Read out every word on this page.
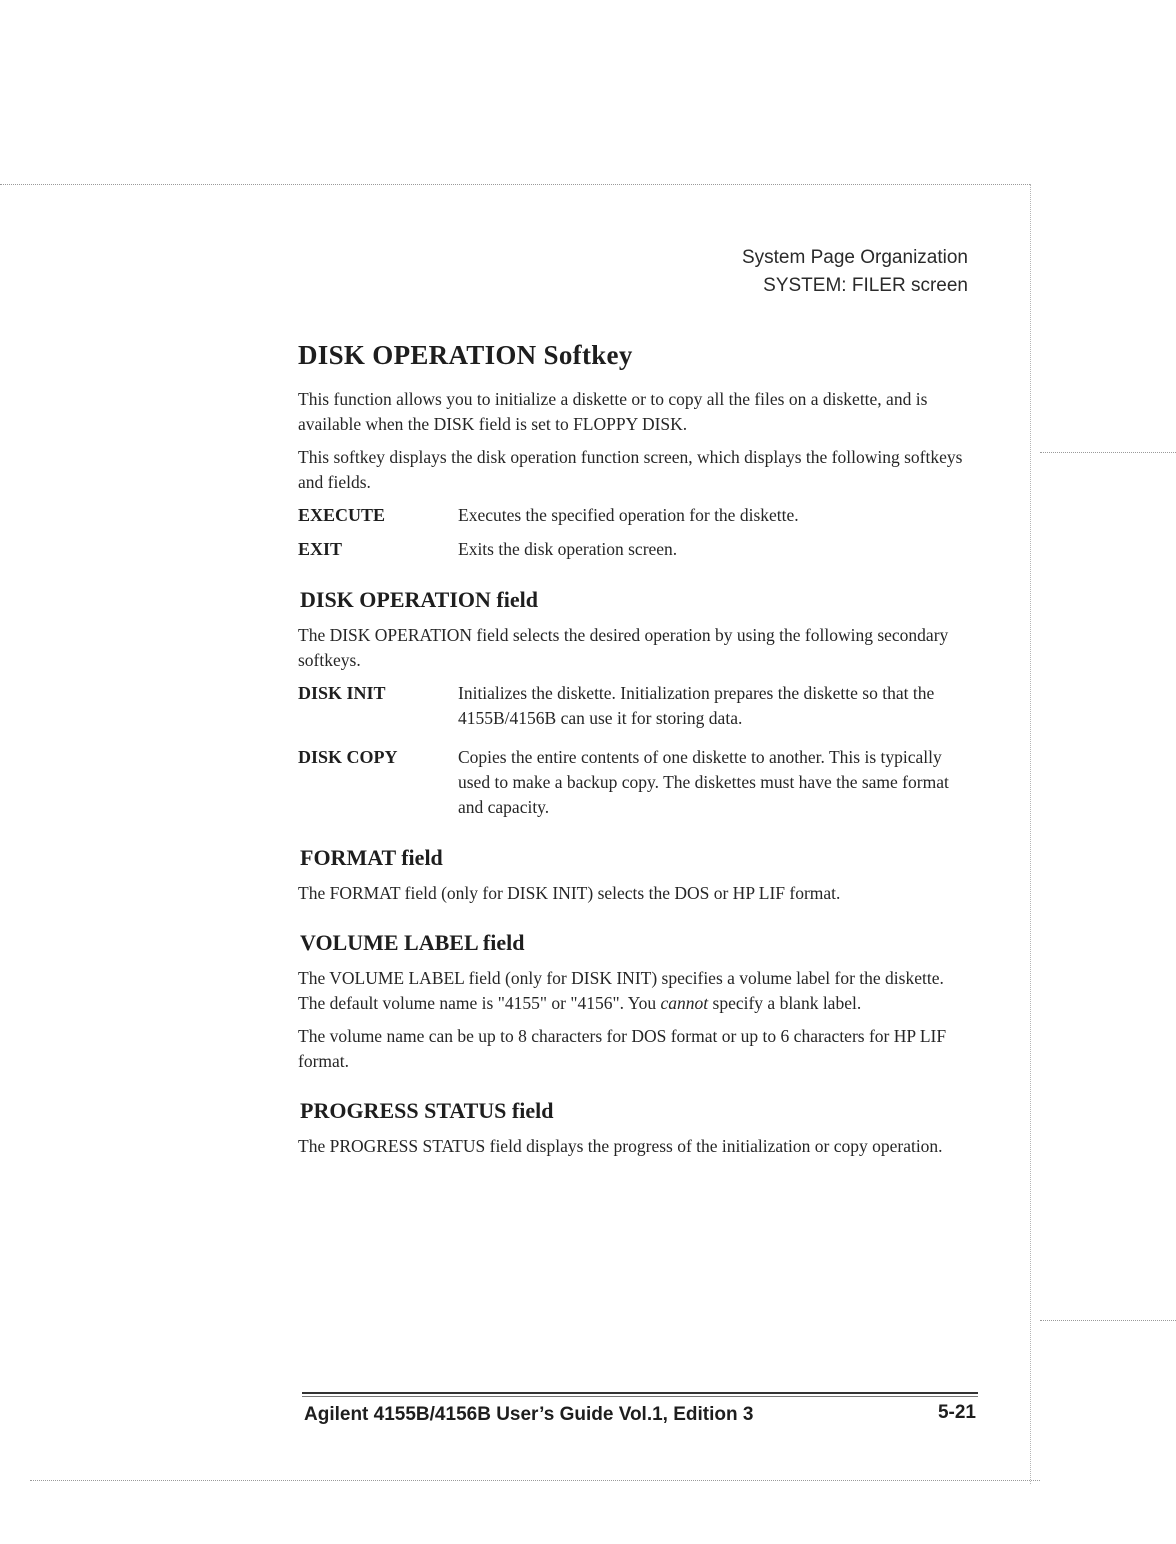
System Page Organization
SYSTEM: FILER screen
DISK OPERATION Softkey

This function allows you to initialize a diskette or to copy all the files on a diskette, and is available when the DISK field is set to FLOPPY DISK.

This softkey displays the disk operation function screen, which displays the following softkeys and fields.

EXECUTE	Executes the specified operation for the diskette.
EXIT	Exits the disk operation screen.
DISK OPERATION field

The DISK OPERATION field selects the desired operation by using the following secondary softkeys.

DISK INIT	Initializes the diskette. Initialization prepares the diskette so that the 4155B/4156B can use it for storing data.
DISK COPY	Copies the entire contents of one diskette to another. This is typically used to make a backup copy. The diskettes must have the same format and capacity.
FORMAT field

The FORMAT field (only for DISK INIT) selects the DOS or HP LIF format.

VOLUME LABEL field

The VOLUME LABEL field (only for DISK INIT) specifies a volume label for the diskette. The default volume name is "4155" or "4156". You cannot specify a blank label.

The volume name can be up to 8 characters for DOS format or up to 6 characters for HP LIF format.

PROGRESS STATUS field

The PROGRESS STATUS field displays the progress of the initialization or copy operation.

Agilent 4155B/4156B User’s Guide Vol.1, Edition 3	5-21
